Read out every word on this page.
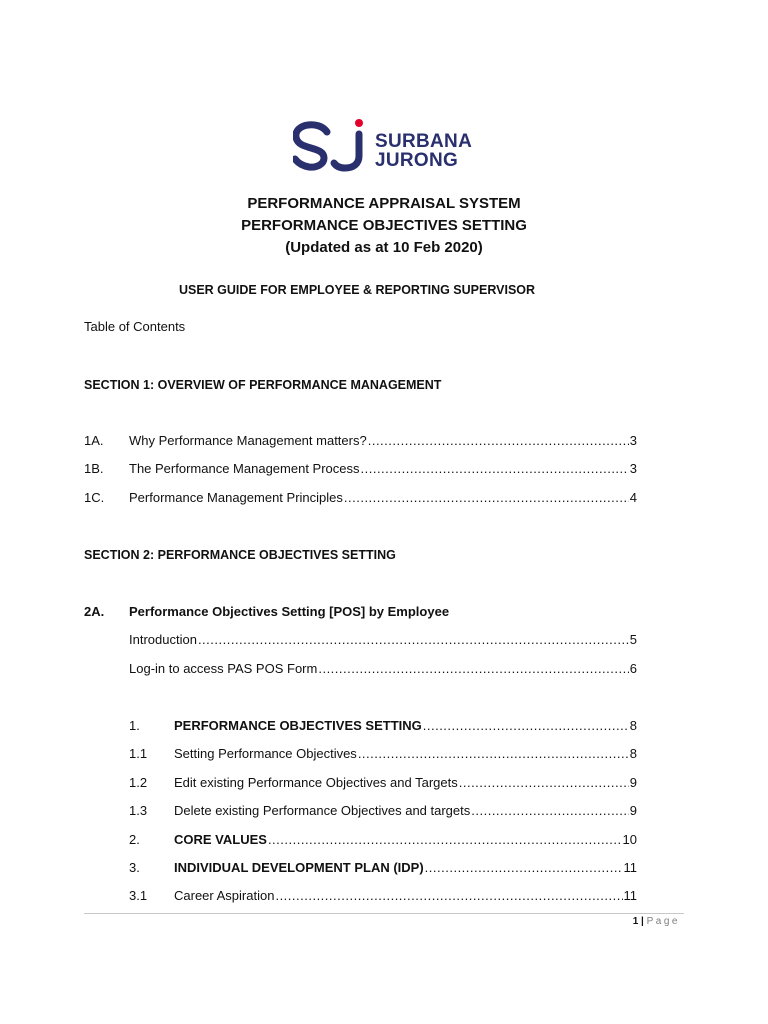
SURBANA
JURONG
PERFORMANCE APPRAISAL SYSTEM
PERFORMANCE OBJECTIVES SETTING
(Updated as at 10 Feb 2020)
USER GUIDE FOR EMPLOYEE & REPORTING SUPERVISOR
Table of Contents
SECTION 1: OVERVIEW OF PERFORMANCE MANAGEMENT
1A.	Why Performance Management matters? .....	3
1B.	The Performance Management Process .....	3
1C.	Performance Management Principles .....	4
SECTION 2: PERFORMANCE OBJECTIVES SETTING
2A.	Performance Objectives Setting [POS] by Employee
Introduction .....	5
Log-in to access PAS POS Form .....	6
1.	PERFORMANCE OBJECTIVES SETTING .....	8
1.1	Setting Performance Objectives .....	8
1.2	Edit existing Performance Objectives and Targets .....	9
1.3	Delete existing Performance Objectives and targets .....	9
2.	CORE VALUES .....	10
3.	INDIVIDUAL DEVELOPMENT PLAN (IDP) .....	11
3.1	Career Aspiration .....	11
1 | Page
